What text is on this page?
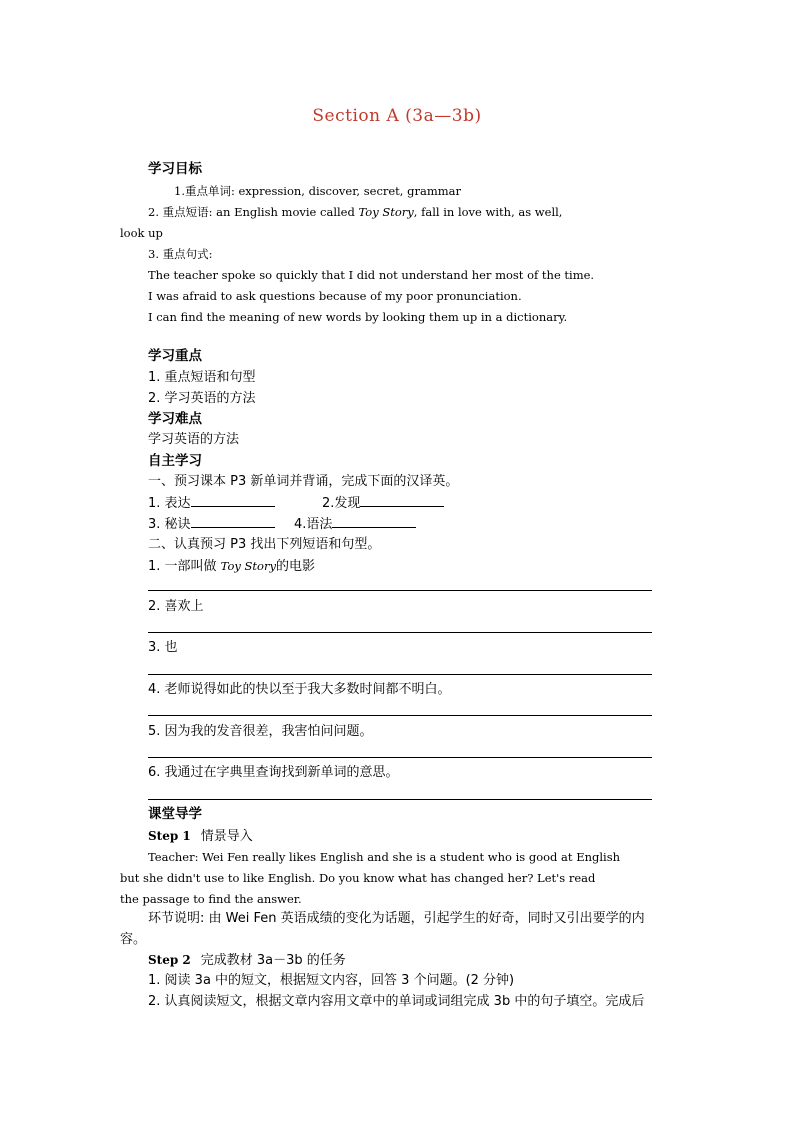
Section A (3a—3b)
学习目标
1.重点单词: expression, discover, secret, grammar
2. 重点短语: an English movie called Toy Story, fall in love with, as well,
look up
3. 重点句式:
The teacher spoke so quickly that I did not understand her most of the time.
I was afraid to ask questions because of my poor pronunciation.
I can find the meaning of new words by looking them up in a dictionary.
学习重点
1. 重点短语和句型
2. 学习英语的方法
学习难点
学习英语的方法
自主学习
一、预习课本 P3 新单词并背诵，完成下面的汉译英。
1. 表达	2.发现
3. 秘诀	4.语法
二、认真预习 P3 找出下列短语和句型。
1. 一部叫做 Toy Story的电影
2. 喜欢上
3. 也
4. 老师说得如此的快以至于我大多数时间都不明白。
5. 因为我的发音很差，我害怕问问题。
6. 我通过在字典里查询找到新单词的意思。
课堂导学
Step 1 情景导入
Teacher: Wei Fen really likes English and she is a student who is good at English
but she didn't use to like English. Do you know what has changed her? Let's read
the passage to find the answer.
环节说明: 由 Wei Fen 英语成绩的变化为话题，引起学生的好奇，同时又引出要学的内
容。
Step 2 完成教材 3a－3b 的任务
1. 阅读 3a 中的短文，根据短文内容，回答 3 个问题。(2 分钟)
2. 认真阅读短文，根据文章内容用文章中的单词或词组完成 3b 中的句子填空。完成后
